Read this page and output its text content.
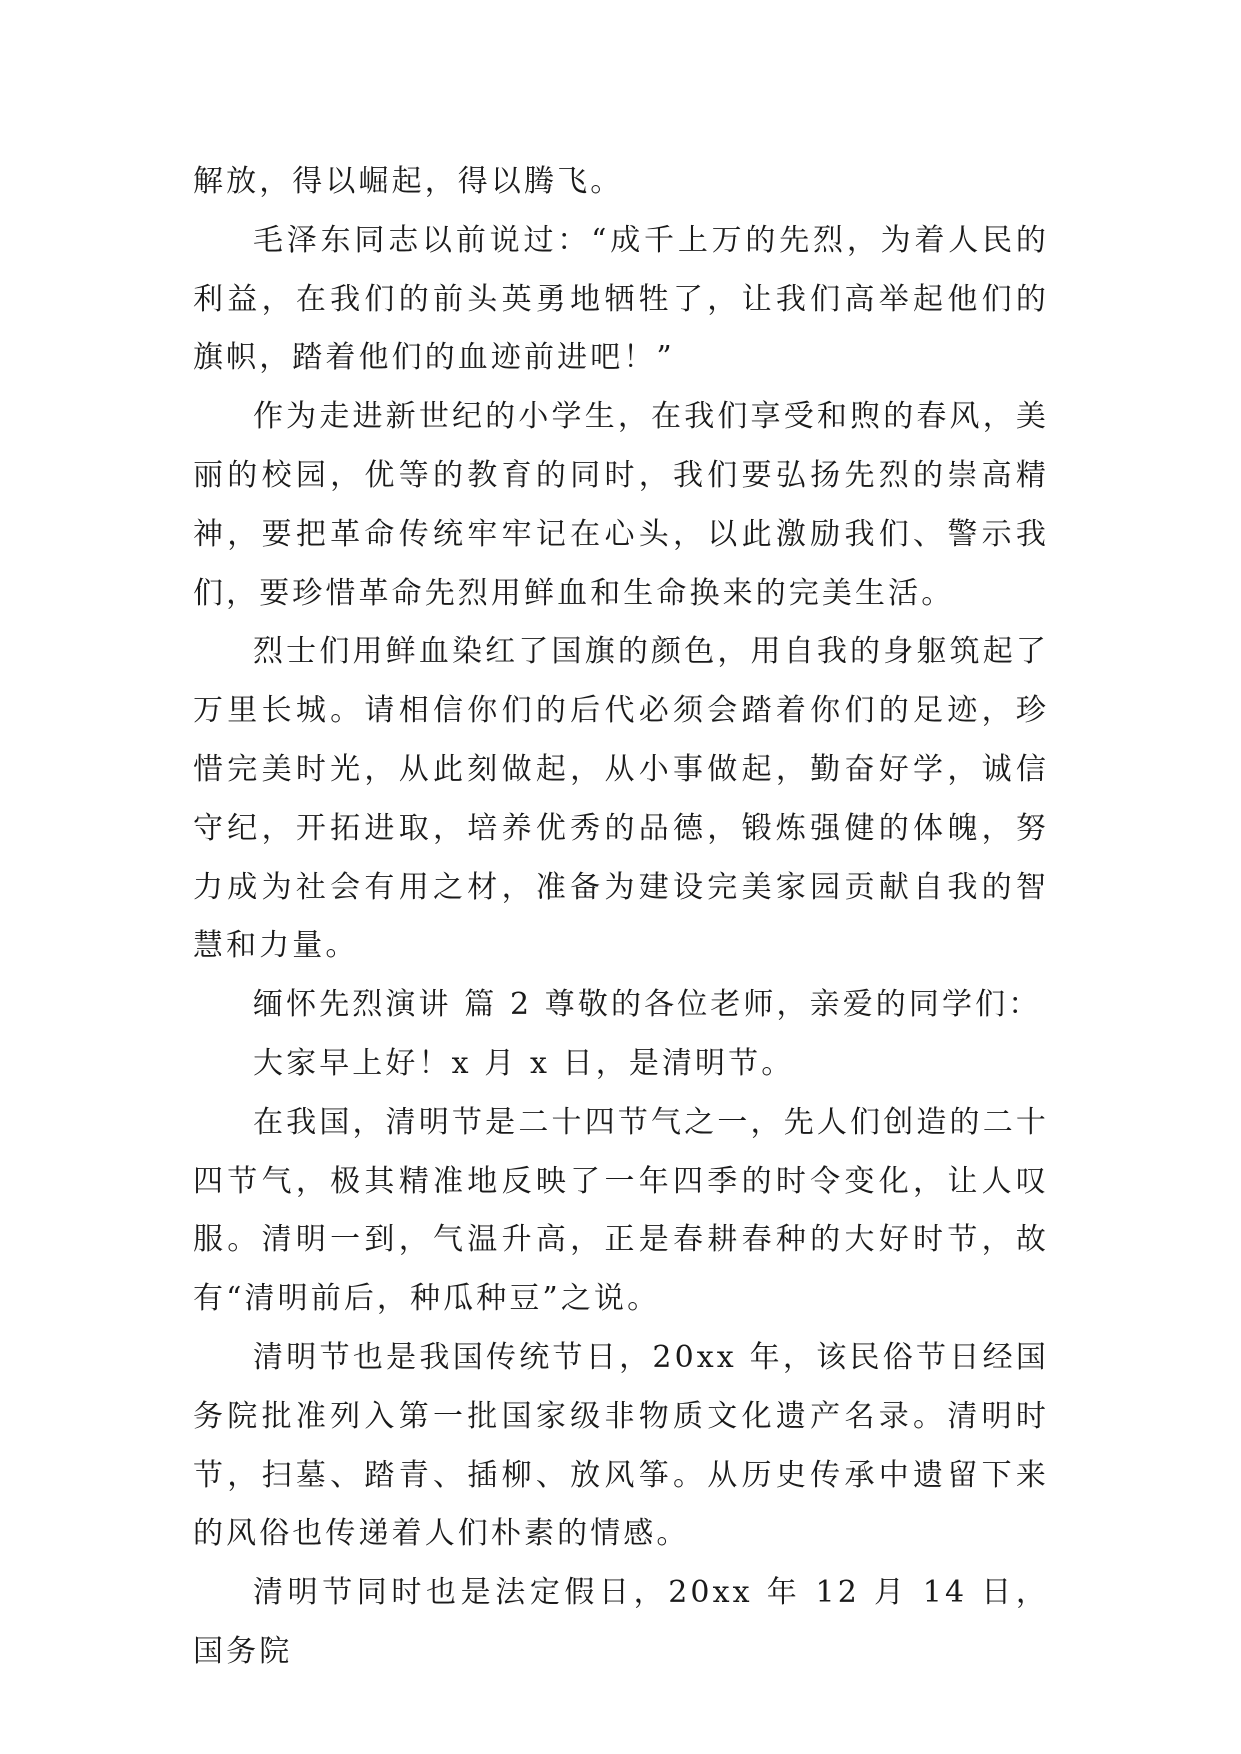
解放，得以崛起，得以腾飞。

毛泽东同志以前说过：“成千上万的先烈，为着人民的利益，在我们的前头英勇地牺牲了，让我们高举起他们的旗帜，踏着他们的血迹前进吧！”

作为走进新世纪的小学生，在我们享受和煦的春风，美丽的校园，优等的教育的同时，我们要弘扬先烈的崇高精神，要把革命传统牢牢记在心头，以此激励我们、警示我们，要珍惜革命先烈用鲜血和生命换来的完美生活。

烈士们用鲜血染红了国旗的颜色，用自我的身躯筑起了万里长城。请相信你们的后代必须会踏着你们的足迹，珍惜完美时光，从此刻做起，从小事做起，勤奋好学，诚信守纪，开拓进取，培养优秀的品德，锻炼强健的体魄，努力成为社会有用之材，准备为建设完美家园贡献自我的智慧和力量。

缅怀先烈演讲 篇 2 尊敬的各位老师，亲爱的同学们：

大家早上好！x 月 x 日，是清明节。

在我国，清明节是二十四节气之一，先人们创造的二十四节气，极其精准地反映了一年四季的时令变化，让人叹服。清明一到，气温升高，正是春耕春种的大好时节，故有“清明前后，种瓜种豆”之说。

清明节也是我国传统节日，20xx 年，该民俗节日经国务院批准列入第一批国家级非物质文化遗产名录。清明时节，扫墓、踏青、插柳、放风筝。从历史传承中遗留下来的风俗也传递着人们朴素的情感。

清明节同时也是法定假日，20xx 年 12 月 14 日，国务院
